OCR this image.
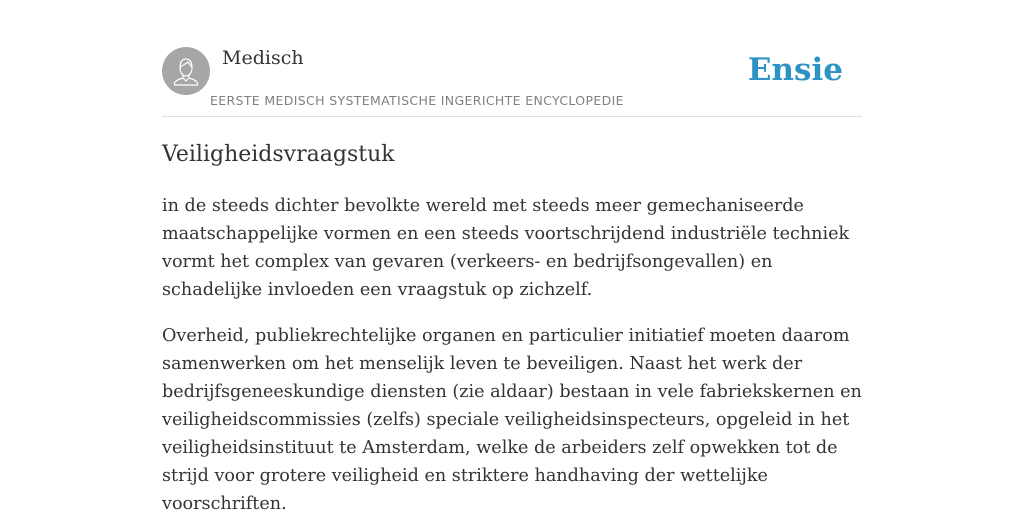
Medisch
EERSTE MEDISCH SYSTEMATISCHE INGERICHTE ENCYCLOPEDIE
Ensie
Veiligheidsvraagstuk

in de steeds dichter bevolkte wereld met steeds meer gemechaniseerde maatschappelijke vormen en een steeds voortschrijdend industriële techniek vormt het complex van gevaren (verkeers- en bedrijfsongevallen) en schadelijke invloeden een vraagstuk op zichzelf.

Overheid, publiekrechtelijke organen en particulier initiatief moeten daarom samenwerken om het menselijk leven te beveiligen. Naast het werk der bedrijfsgeneeskundige diensten (zie aldaar) bestaan in vele fabriekskernen en veiligheidscommissies (zelfs) speciale veiligheidsinspecteurs, opgeleid in het veiligheidsinstituut te Amsterdam, welke de arbeiders zelf opwekken tot de strijd voor grotere veiligheid en striktere handhaving der wettelijke voorschriften.
